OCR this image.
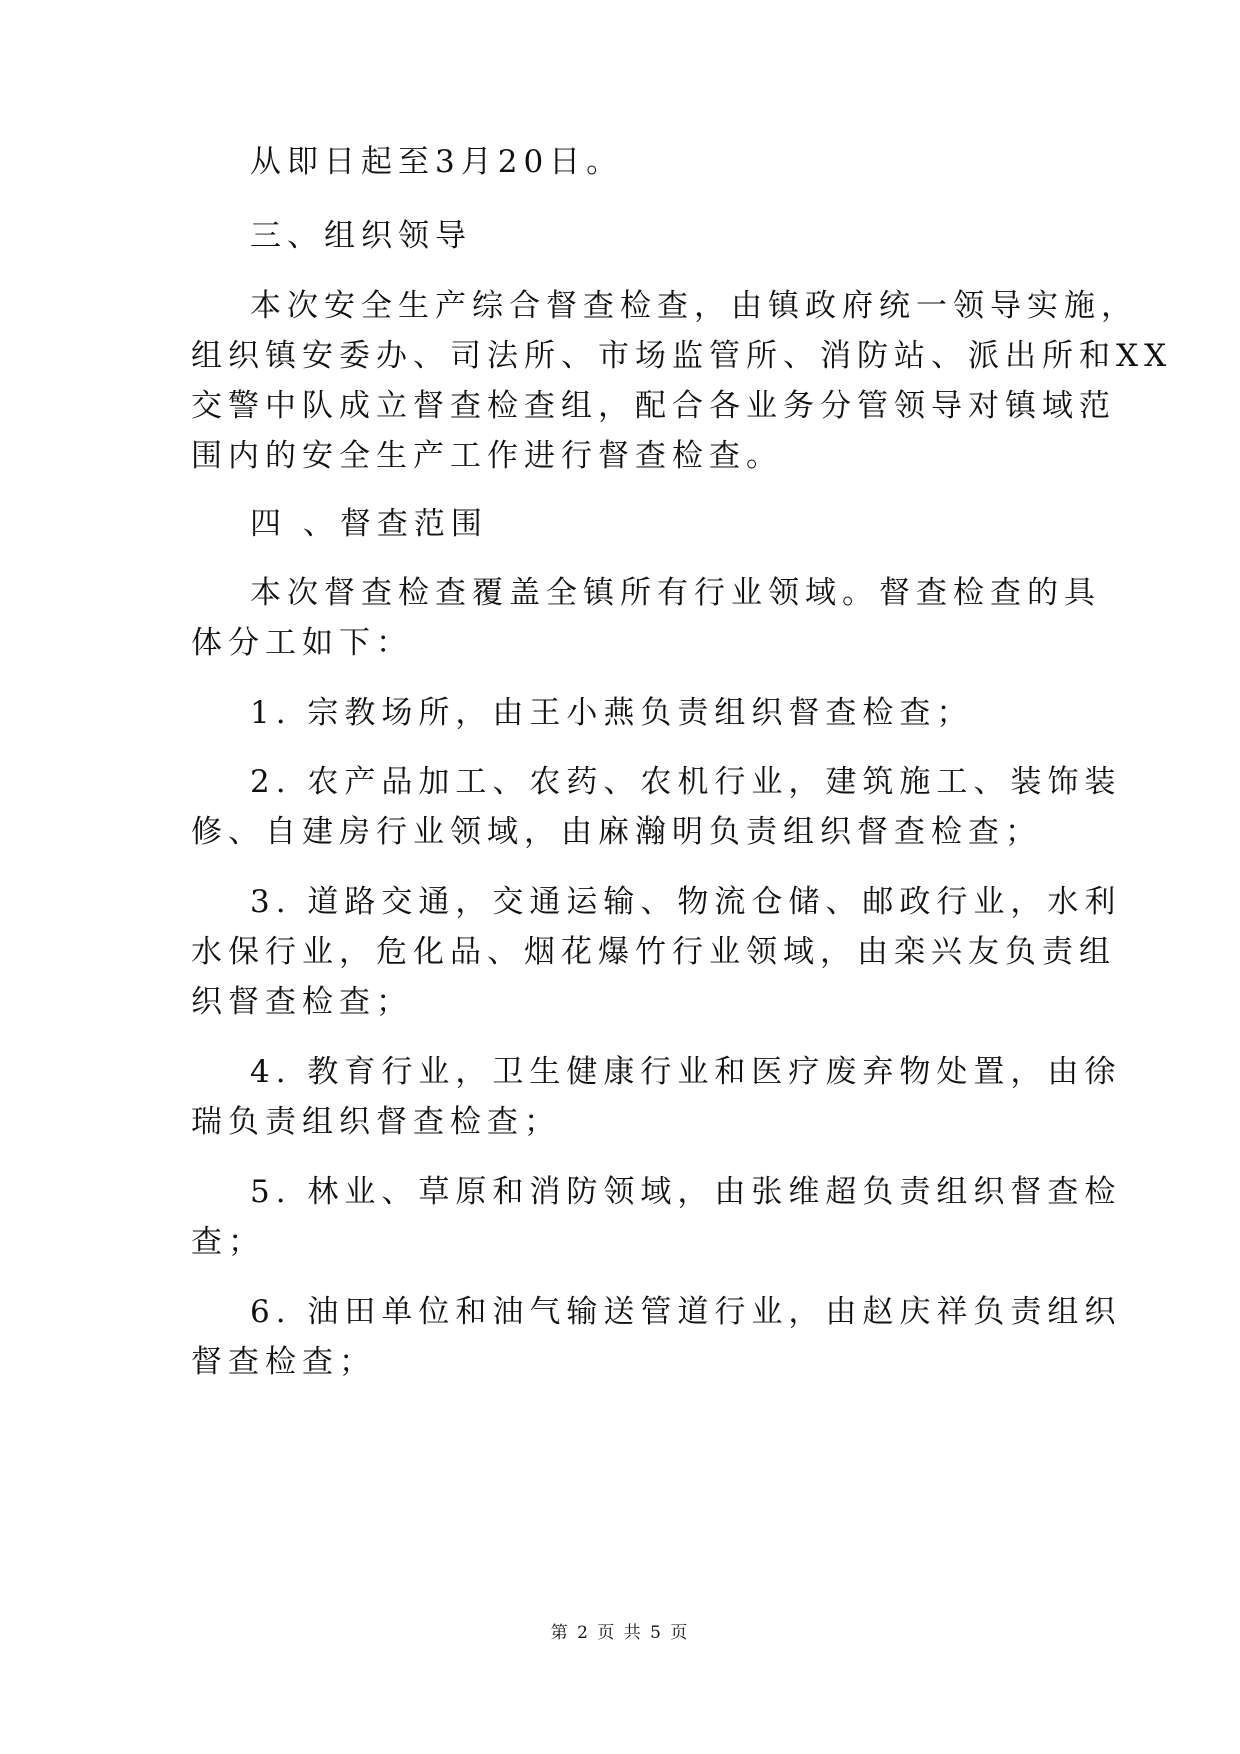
从即日起至3月20日。
三、组织领导
本次安全生产综合督查检查，由镇政府统一领导实施，
组织镇安委办、司法所、市场监管所、消防站、派出所和XX
交警中队成立督查检查组，配合各业务分管领导对镇域范
围内的安全生产工作进行督查检查。
四 、督查范围
本次督查检查覆盖全镇所有行业领域。督查检查的具
体分工如下：
1. 宗教场所，由王小燕负责组织督查检查；
2. 农产品加工、农药、农机行业，建筑施工、装饰装
修、自建房行业领域，由麻瀚明负责组织督查检查；
3. 道路交通，交通运输、物流仓储、邮政行业，水利
水保行业，危化品、烟花爆竹行业领域，由栾兴友负责组
织督查检查；
4. 教育行业，卫生健康行业和医疗废弃物处置，由徐
瑞负责组织督查检查；
5. 林业、草原和消防领域，由张维超负责组织督查检
查；
6. 油田单位和油气输送管道行业，由赵庆祥负责组织
督查检查；
第 2 页 共 5 页
